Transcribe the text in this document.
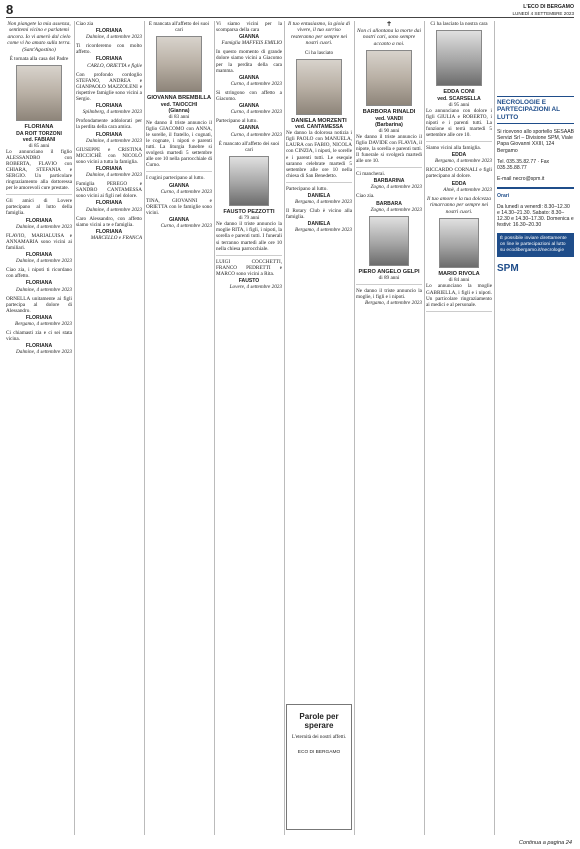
8	L'ECO DI BERGAMO
LUNEDÌ 4 SETTEMBRE 2023
Non piangete la mia assenza, sentitemi vicino e parlatemi ancora. Io vi amerò dal cielo come vi ho amato sulla terra. (Sant'Agostino)
È tornata alla casa del Padre
FLORIANA
DA ROIT TORZONI
ved. FABIANI
di 85 anni

Lo annunciano il figlio ALESSANDRO con ROBERTA, FLAVIO con CHIARA, STEFANIA e SERGIO. Un particolare ringraziamento alla dottoressa per le amorevoli cure prestate.

Gli amici di Lovere partecipano al lutto della famiglia.
FLORIANA
Dalmine, 4 settembre 2023
FLAVIO, MARIALUISA e ANNAMARIA sono vicini ai familiari.
FLORIANA
Dalmine, 4 settembre 2023
Ciao zia, i nipoti ti ricordano con affetto.
FLORIANA
Dalmine, 4 settembre 2023
ORNELLA unitamente ai figli partecipa al dolore di Alessandro.
FLORIANA
Bergamo, 4 settembre 2023
Ci chiamasti zia e ci sei stata vicina.
FLORIANA
Dalmine, 4 settembre 2023
Ciao zia
FLORIANA
Dalmine, 4 settembre 2023
Ti ricorderemo con molto affetto.
FLORIANA
CARLO, ORIETTA e figlie
Con profondo cordoglio STEFANO, ANDREA e GIANPAOLO MAZZOLENI e rispettive famiglie sono vicini a Sergio.
FLORIANA
Spilmberg, 4 settembre 2023
Profondamente addolorati per la perdita della cara amica.
FLORIANA
Dalmine, 4 settembre 2023
GIUSEPPE e CRISTINA MICCICHÈ con NICOLÒ sono vicini a tutta la famiglia.
FLORIANA
Dalmine, 4 settembre 2023
Famiglia PEREGO e SANDRO CANTAMESSA sono vicini ai figli nel dolore.
FLORIANA
Dalmine, 4 settembre 2023
Caro Alessandro, con affetto siamo vicini a te e famiglia.
FLORIANA
MARCELLO e FRANCA
È mancata all'affetto dei suoi cari
GIOVANNA BREMBILLA
ved. TAIOCCHI
(Gianna)
di 83 anni

Ne danno il triste annuncio il figlio GIACOMO con ANNA, le sorelle, il fratello, i cognati, le cognate, i nipoti e parenti tutti. La liturgia funebre si svolgerà martedì 5 settembre alle ore 10 nella parrocchiale di Curno.

I cugini partecipano al lutto.
GIANNA
Curno, 4 settembre 2023
TINA, GIOVANNI e ORIETTA con le famiglie sono vicini.
GIANNA
Curno, 4 settembre 2023
Vi siamo vicini per la scomparsa della cara
GIANNA
Famiglia MAFFEIS EMILIO
In questo momento di grande dolore siamo vicini a Giacomo per la perdita della cara mamma.
GIANNA
Curno, 4 settembre 2023
Si stringono con affetto a Giacomo.
GIANNA
Curno, 4 settembre 2023
Partecipano al lutto.
GIANNA
Curno, 4 settembre 2023
È mancato all'affetto dei suoi cari
FAUSTO PEZZOTTI
di 79 anni

Ne danno il triste annuncio la moglie RITA, i figli, i nipoti, la sorella e parenti tutti. I funerali si terranno martedì alle ore 10 nella chiesa parrocchiale.

LUIGI COCCHETTI, FRANCO PEDRETTI e MARCO sono vicini a Rita.
FAUSTO
Lovere, 4 settembre 2023
Il tuo entusiasmo, la gioia di vivere, il tuo sorriso resteranno per sempre nei nostri cuori.
Ci ha lasciato
DANIELA MORZENTI
ved. CANTAMESSA

Ne danno la dolorosa notizia i figli PAOLO con MANUELA, LAURA con FABIO, NICOLA con CINZIA, i nipoti, le sorelle e i parenti tutti. Le esequie saranno celebrate martedì 5 settembre alle ore 10 nella chiesa di San Benedetto.

Partecipano al lutto.
DANIELA
Bergamo, 4 settembre 2023
Il Rotary Club è vicino alla famiglia.
DANIELA
Bergamo, 4 settembre 2023
Parole per sperare
L'eternità dei nostri affetti.
ECO DI BERGAMO
✝
Non ci allontana la morte dai nostri cari, sono sempre accanto a noi.
BARBORA RINALDI
ved. VANDI
(Barbarina)
di 90 anni

Ne danno il triste annuncio il figlio DAVIDE con FLAVIA, il nipote, la sorella e parenti tutti. Il funerale si svolgerà martedì alle ore 10.

Ci mancherai.
BARBARINA
Zogno, 4 settembre 2023
Ciao zia.
BARBARA
Zogno, 4 settembre 2023
PIERO ANGELO GELPI
di 89 anni
Ne danno il triste annuncio la moglie, i figli e i nipoti.
Bergamo, 4 settembre 2023
Ci ha lasciato la nostra cara
EDDA CONI
ved. SCARSELLA
di 95 anni

Lo annunciano con dolore i figli GIULIA e ROBERTO, i nipoti e i parenti tutti. La funzione si terrà martedì 5 settembre alle ore 10.

Siamo vicini alla famiglia.
EDDA
Bergamo, 4 settembre 2023
RICCARDO CORNALI e figli partecipano al dolore.
EDDA
Almè, 4 settembre 2023
Il tuo amore e la tua dolcezza rimarranno per sempre nei nostri cuori.
MARIO RIVOLA
di 84 anni

Lo annunciano la moglie GABRIELLA, i figli e i nipoti. Un particolare ringraziamento ai medici e al personale.

NECROLOGIE E PARTECIPAZIONI AL LUTTO
Si ricevono allo sportello SESAAB Servizi Srl – Divisione SPM, Viale Papa Giovanni XXIII, 124 Bergamo
Tel. 035.35.82.77 · Fax 035.35.88.77
E-mail necro@spm.it
Orari
Da lunedì a venerdì: 8.30–12.30 e 14.30–21.30. Sabato: 8.30–12.30 e 14.30–17.30. Domenica e festivi: 16.30–20.30
È possibile inviare direttamente on line le partecipazioni al lutto su ecodibergamo.it/necrologie
SPM
Continua a pagina 24
